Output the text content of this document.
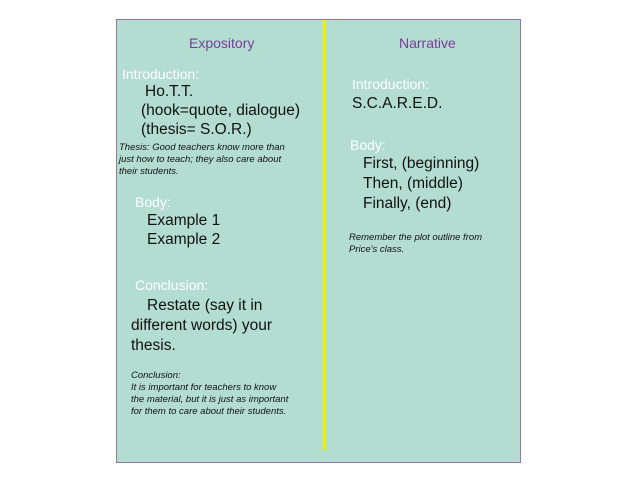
Expository
Introduction:
Ho.T.T.
(hook=quote, dialogue)
(thesis= S.O.R.)
Thesis: Good teachers know more than
just how to teach; they also care about
their students.
Body:
Example 1
Example 2
Conclusion:
Restate (say it in
different words) your
thesis.
Conclusion:
It is important for teachers to know
the material, but it is just as important
for them to care about their students.
Narrative
Introduction:
S.C.A.R.E.D.
Body:
First, (beginning)
Then, (middle)
Finally, (end)
Remember the plot outline from
Price's class.
